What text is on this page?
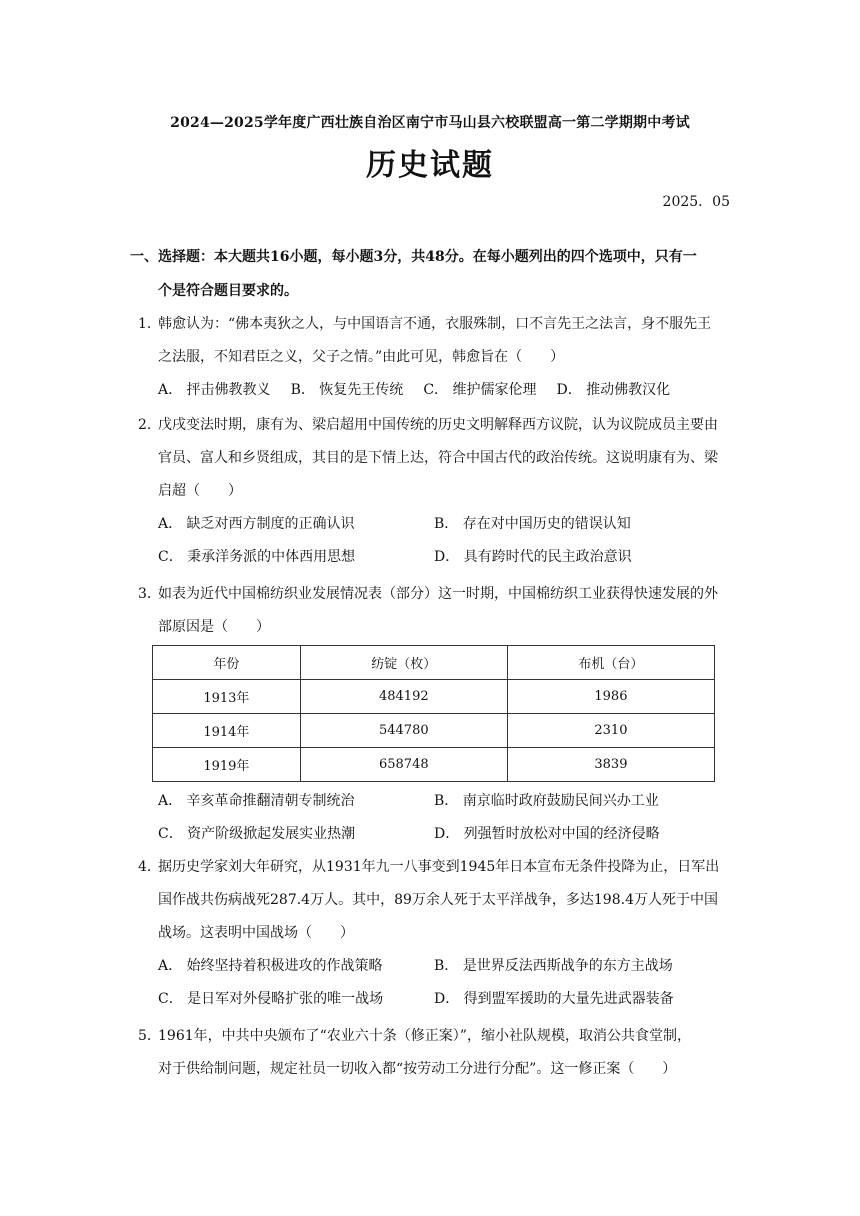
2024—2025学年度广西壮族自治区南宁市马山县六校联盟高一第二学期期中考试
历史试题
2025．05
一、选择题：本大题共16小题，每小题3分，共48分。在每小题列出的四个选项中，只有一
个是符合题目要求的。
1．
韩愈认为：“佛本夷狄之人，与中国语言不通，衣服殊制，口不言先王之法言，身不服先王
之法服，不知君臣之义，父子之情。”由此可见，韩愈旨在（　　）
A． 抨击佛教教义 B． 恢复先王传统 C． 维护儒家伦理 D． 推动佛教汉化
2．
戊戌变法时期，康有为、梁启超用中国传统的历史文明解释西方议院，认为议院成员主要由
官员、富人和乡贤组成，其目的是下情上达，符合中国古代的政治传统。这说明康有为、梁
启超（　　）
A． 缺乏对西方制度的正确认识	B． 存在对中国历史的错误认知
C． 秉承洋务派的中体西用思想	D． 具有跨时代的民主政治意识
3．
如表为近代中国棉纺织业发展情况表（部分）这一时期，中国棉纺织工业获得快速发展的外
部原因是（　　）
年份	纺锭（枚）	布机（台）
1913年	484192	1986
1914年	544780	2310
1919年	658748	3839
A． 辛亥革命推翻清朝专制统治	B． 南京临时政府鼓励民间兴办工业
C． 资产阶级掀起发展实业热潮	D． 列强暂时放松对中国的经济侵略
4．
据历史学家刘大年研究，从1931年九一八事变到1945年日本宣布无条件投降为止，日军出
国作战共伤病战死287.4万人。其中，89万余人死于太平洋战争，多达198.4万人死于中国
战场。这表明中国战场（　　）
A． 始终坚持着积极进攻的作战策略	B． 是世界反法西斯战争的东方主战场
C． 是日军对外侵略扩张的唯一战场	D． 得到盟军援助的大量先进武器装备
5．
1961年，中共中央颁布了“农业六十条（修正案）”，缩小社队规模，取消公共食堂制，
对于供给制问题，规定社员一切收入都“按劳动工分进行分配”。这一修正案（　　）
